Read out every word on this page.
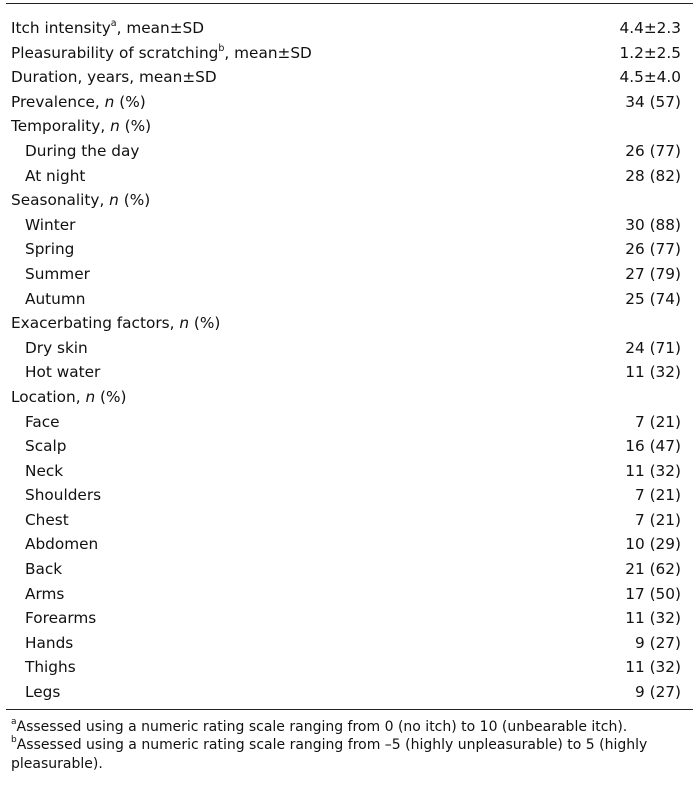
Itch intensity$^a$, mean±SD	4.4±2.3
Pleasurability of scratching$^b$, mean±SD	1.2±2.5
Duration, years, mean±SD	4.5±4.0
Prevalence, n (%)	34 (57)
Temporality, n (%)	
During the day	26 (77)
At night	28 (82)
Seasonality, n (%)	
Winter	30 (88)
Spring	26 (77)
Summer	27 (79)
Autumn	25 (74)
Exacerbating factors, n (%)	
Dry skin	24 (71)
Hot water	11 (32)
Location, n (%)	
Face	7 (21)
Scalp	16 (47)
Neck	11 (32)
Shoulders	7 (21)
Chest	7 (21)
Abdomen	10 (29)
Back	21 (62)
Arms	17 (50)
Forearms	11 (32)
Hands	9 (27)
Thighs	11 (32)
Legs	9 (27)
$^a$Assessed using a numeric rating scale ranging from 0 (no itch) to 10 (unbearable itch). $^b$Assessed using a numeric rating scale ranging from –5 (highly unpleasurable) to 5 (highly pleasurable).
